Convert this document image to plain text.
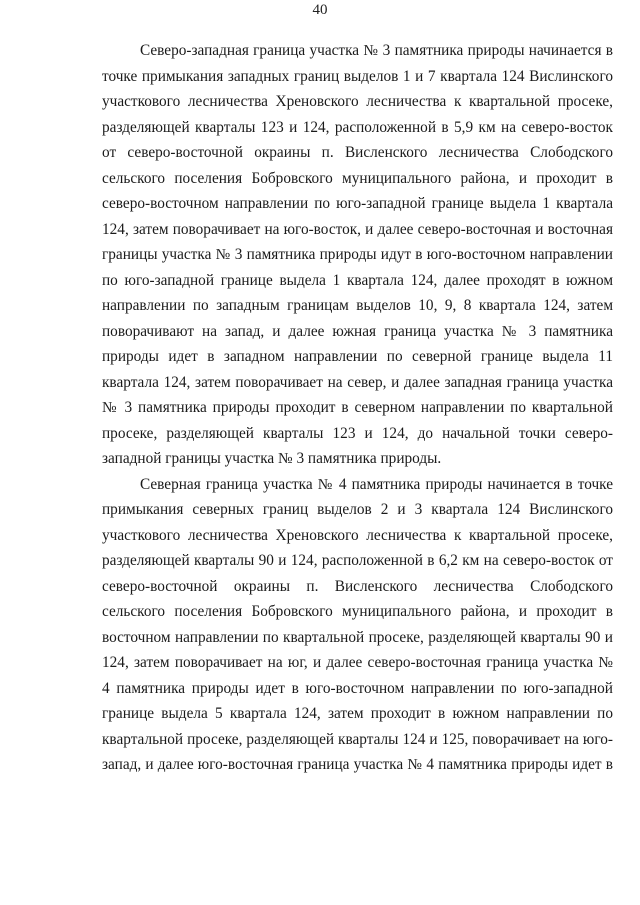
40
Северо-западная граница участка № 3 памятника природы начинается в
точке примыкания западных границ выделов 1 и 7 квартала 124 Вислинского
участкового лесничества Хреновского лесничества к квартальной просеке,
разделяющей кварталы 123 и 124, расположенной в 5,9 км на северо-восток
от северо-восточной окраины п. Висленского лесничества Слободского
сельского поселения Бобровского муниципального района, и проходит в
северо-восточном направлении по юго-западной границе выдела 1 квартала
124, затем поворачивает на юго-восток, и далее северо-восточная и восточная
границы участка № 3 памятника природы идут в юго-восточном направлении
по юго-западной границе выдела 1 квартала 124, далее проходят в южном
направлении по западным границам выделов 10, 9, 8 квартала 124, затем
поворачивают на запад, и далее южная граница участка № 3 памятника
природы идет в западном направлении по северной границе выдела 11
квартала 124, затем поворачивает на север, и далее западная граница участка
№ 3 памятника природы проходит в северном направлении по квартальной
просеке, разделяющей кварталы 123 и 124, до начальной точки северо-
западной границы участка № 3 памятника природы.
Северная граница участка № 4 памятника природы начинается в точке
примыкания северных границ выделов 2 и 3 квартала 124 Вислинского
участкового лесничества Хреновского лесничества к квартальной просеке,
разделяющей кварталы 90 и 124, расположенной в 6,2 км на северо-восток от
северо-восточной окраины п. Висленского лесничества Слободского
сельского поселения Бобровского муниципального района, и проходит в
восточном направлении по квартальной просеке, разделяющей кварталы 90 и
124, затем поворачивает на юг, и далее северо-восточная граница участка №
4 памятника природы идет в юго-восточном направлении по юго-западной
границе выдела 5 квартала 124, затем проходит в южном направлении по
квартальной просеке, разделяющей кварталы 124 и 125, поворачивает на юго-
запад, и далее юго-восточная граница участка № 4 памятника природы идет в
